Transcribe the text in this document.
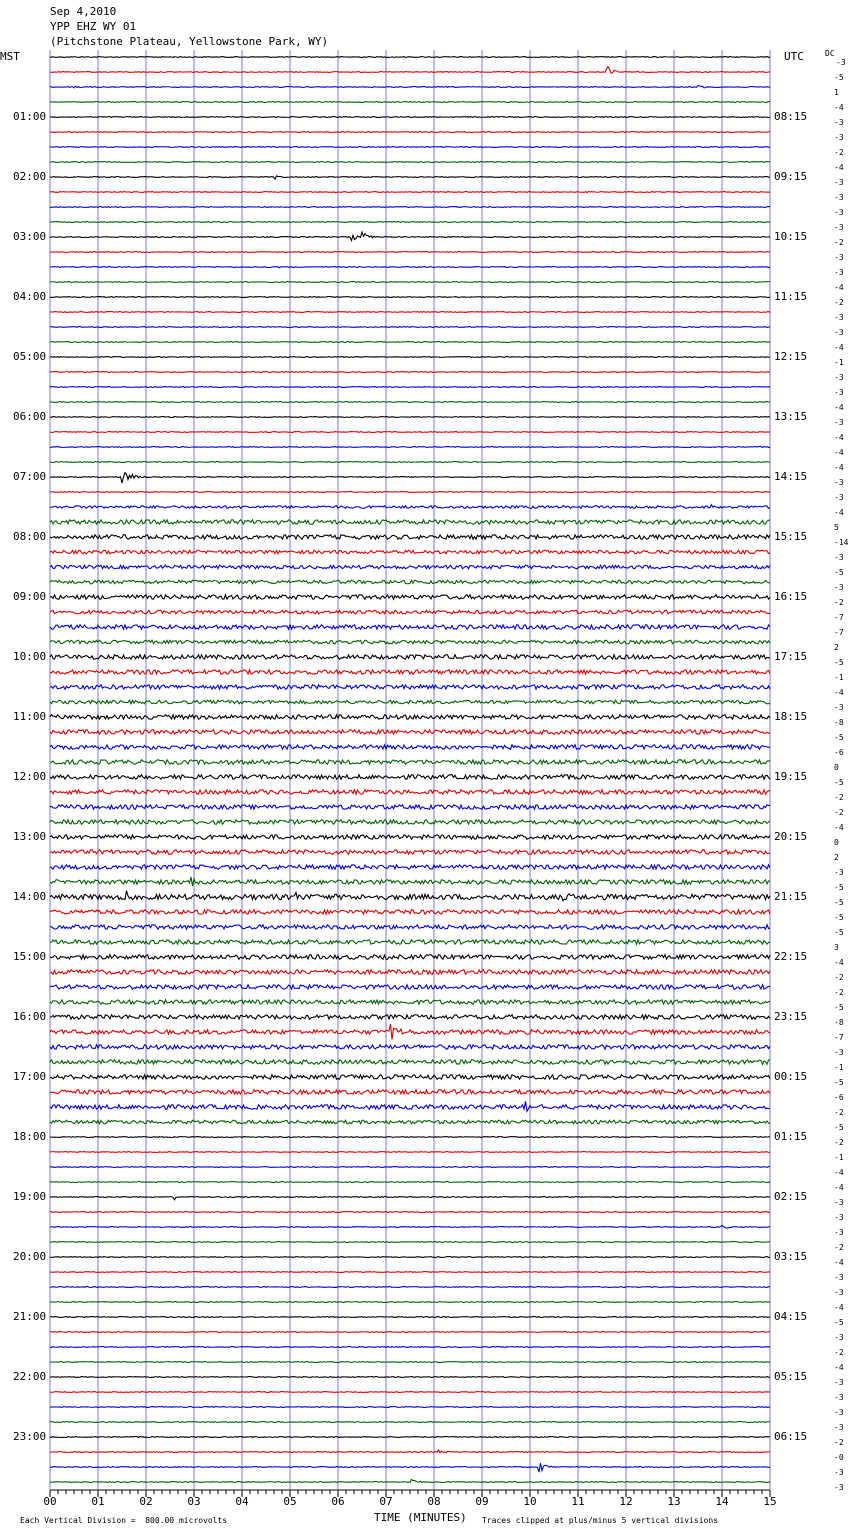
Sep 4,2010
YPP EHZ WY 01
(Pitchstone Plateau, Yellowstone Park, WY)
MST	UTC	DC
00	01	02	03	04	05	06	07	08	09	10	11	12	13	14	15
-3
-5
1
-4
-3
-3
-2
-4
-3
-3
-3
-3
-2
-3
-3
-4
-2
-3
-3
-4
-1
-3
-3
-4
-3
-4
-4
-4
-3
-3
-4
5
-14
-3
-5
-3
-2
-7
-7
2
-5
-1
-4
-3
-8
-5
-6
0
-5
-2
-2
-4
0
2
-3
-5
-5
-5
-5
3
-4
-2
-2
-5
-8
-7
-3
-1
-5
-6
-2
-5
-2
-1
-4
-4
-3
-3
-3
-2
-4
-3
-3
-4
-5
-3
-2
-4
-3
-3
-3
-3
-2
-0
-3
-3
01:00
02:00
03:00
04:00
05:00
06:00
07:00
08:00
09:00
10:00
11:00
12:00
13:00
14:00
15:00
16:00
17:00
18:00
19:00
20:00
21:00
22:00
23:00
08:15
09:15
10:15
11:15
12:15
13:15
14:15
15:15
16:15
17:15
18:15
19:15
20:15
21:15
22:15
23:15
00:15
01:15
02:15
03:15
04:15
05:15
06:15
TIME (MINUTES)
Each Vertical Division =  800.00 microvolts	Traces clipped at plus/minus 5 vertical divisions
